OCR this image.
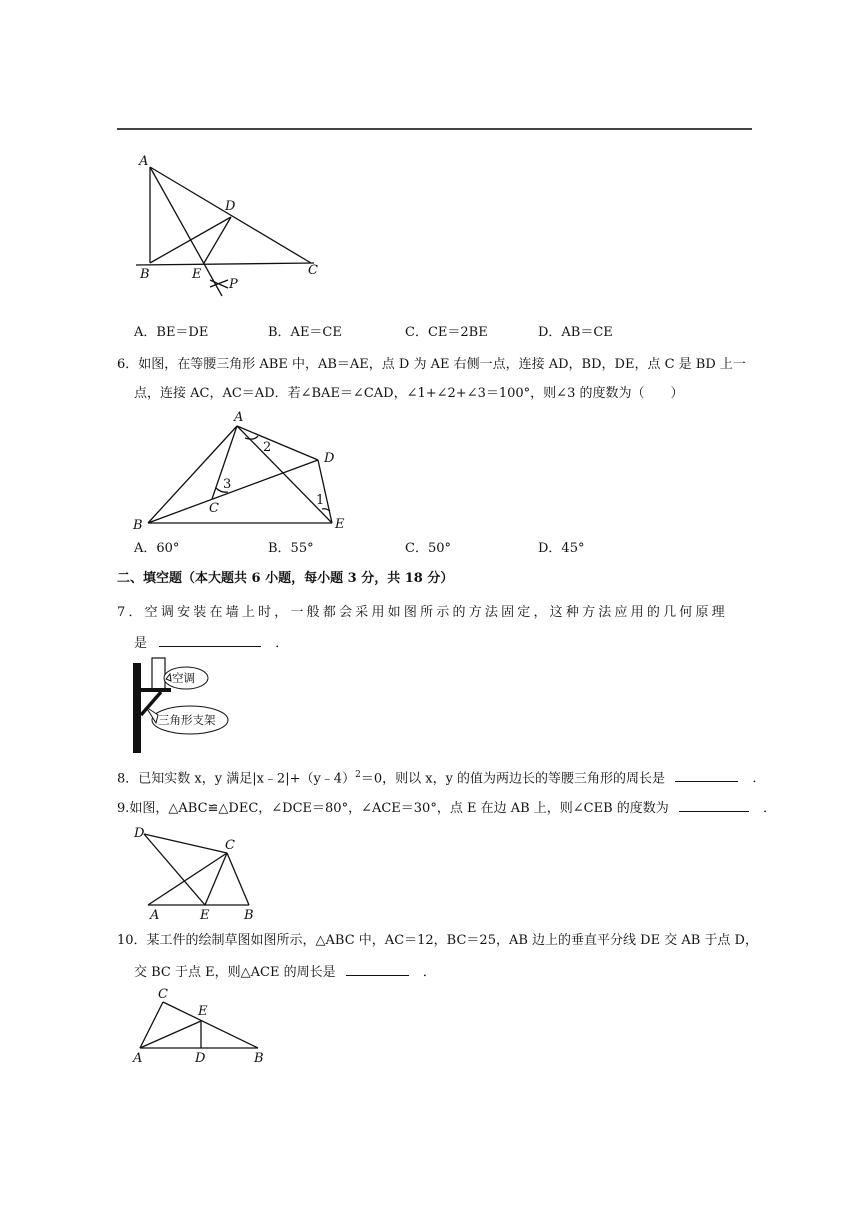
A
D
B	E	C
P
A．BE＝DE	B．AE＝CE	C．CE＝2BE	D．AB＝CE
6．如图，在等腰三角形 ABE 中，AB＝AE，点 D 为 AE 右侧一点，连接 AD，BD，DE，点 C 是 BD 上一
点，连接 AC，AC＝AD．若∠BAE＝∠CAD，∠1+∠2+∠3＝100°，则∠3 的度数为（　　）
A
2
D
3
1
C
B	E
A．60°	B．55°	C．50°	D．45°
二、填空题（本大题共 6 小题，每小题 3 分，共 18 分）
7．空调安装在墙上时，一般都会采用如图所示的方法固定，这种方法应用的几何原理
是	．
空调
三角形支架
8．已知实数 x，y 满足|x﹣2|+（y﹣4）$^2$＝0，则以 x，y 的值为两边长的等腰三角形的周长是	．
9.如图，△ABC≌△DEC，∠DCE＝80°，∠ACE＝30°，点 E 在边 AB 上，则∠CEB 的度数为	．
D
C
A	E	B
10．某工件的绘制草图如图所示，△ABC 中，AC＝12，BC＝25，AB 边上的垂直平分线 DE 交 AB 于点 D，
交 BC 于点 E，则△ACE 的周长是	．
C
E
A	D	B
